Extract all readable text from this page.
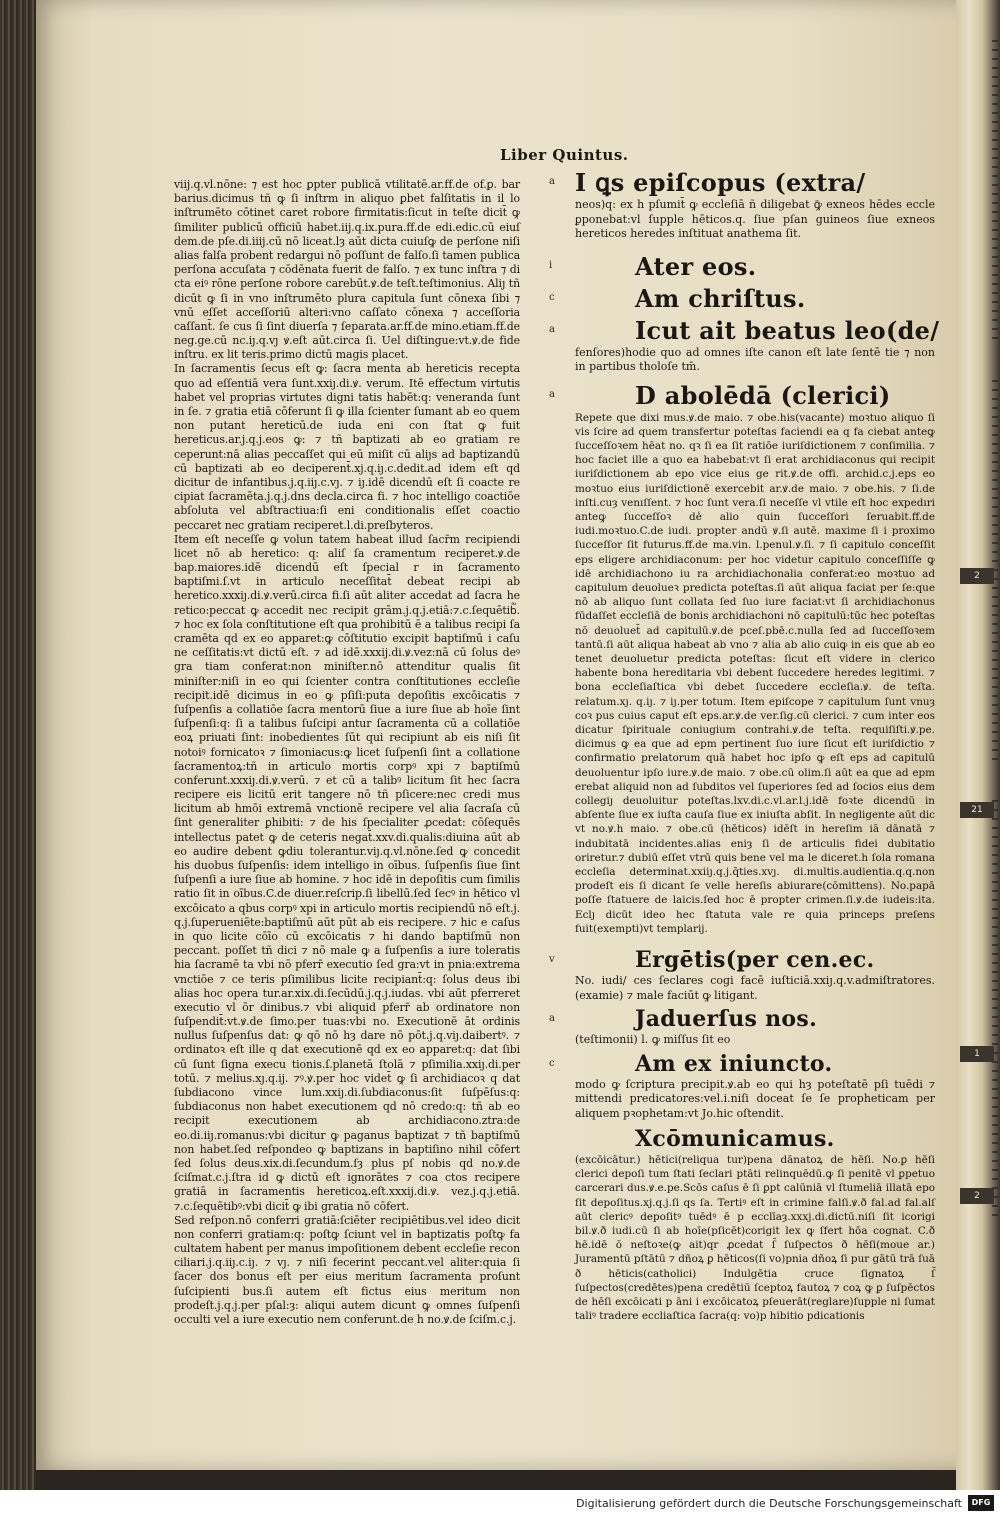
2
21
1
2
Liber Quintus.

viij.q.vl.nōne: ⁊ est hoc ꝑpter publicā vtilitatē.ar.ff.de of.ꝑ. bar barius.dicimus tñ ꝙ ſi inſtrm in aliquo ꝑbet falſitatis in il lo inſtrumēto cōtinet caret robore firmitatis:ſicut in teſte dicit̄ ꝙ ſimiliter publicū officiū habet.iij.q.ix.pura.ff.de edi.edic.cū eiuſ dem.de pſe.di.iiij.cū nō liceat.lȝ aūt dicta cuiuſꝙ de perſone niſi alias falſa probent redargui nō poſſunt de falſo.ſi tamen publica perſona accuſata ⁊ cōdēnata fuerit de falſo. ⁊ ex tunc inſtra ⁊ di cta eiꝰ rōne perſone robore carebūt.ꝟ.de teſt.teſtimonius. Aliȷ tñ dicūt ꝙ ſi in vno inſtrumēto plura capitula ſunt cōnexa ſibi ⁊ vnū eſſet acceſſoriū alteri:vno caſſato cōnexa ⁊ acceſſoria caſſant̄. ſe cus ſi ſint diuerſa ⁊ ſeparata.ar.ff.de mino.etiam.ff.de neg.ge.cū nc.iȷ.q.vȷ ꝟ.eſt aūt.circa ſi. Uel diſtingue:vt.ꝟ.de fide inſtru. ex lit teris.primo dictū magis placet.

In ſacramentis ſecus eſt ꝙ: ſacra menta ab hereticis recepta quo ad eſſentiā vera ſunt.xxiȷ.di.ꝟ. verum. Itē effectum virtutis habet vel proprias virtutes digni tatis habēt:q: veneranda ſunt in ſe. ⁊ gratia etiā cōferunt ſi ꝙ illa ſcienter ſumant ab eo quem non putant hereticū.de iuda eni con ſtat ꝙ fuit hereticus.ar.j.q.j.eos ꝙ: ⁊ tñ baptizati ab eo gratiam re ceperunt:nā alias peccaſſet qui eū miſit cū aliȷs ad baptizandū cū baptizati ab eo deciperent̄.xj.q.iȷ.c.dedit.ad idem eſt qd dicitur de infantibus.j.q.iiȷ.c.vȷ. ⁊ iȷ.idē dicendū eſt ſi coacte re cipiat ſacramēta.j.q.j.dns decla.circa fi. ⁊ hoc intelligo coactiōe abſoluta vel abſtractiua:ſi eni conditionalis eſſet coactio peccaret nec gratiam reciperet.l.di.preſbyteros.

Item eſt neceſſe ꝙ volun tatem habeat illud ſacr̄m recipiendi licet nō ab heretico: q: aliſ ſa cramentum reciperet.ꝟ.de bap.maiores.idē dicendū eſt ſpecial r in ſacramento baptiſmi.ſ.vt in articulo neceſſitat̄ debeat recipi ab heretico.xxxiȷ.di.ꝟ.verū.circa fi.ſi aūt aliter accedat ad ſacra he retico:peccat ꝙ accedit nec recipit grām.j.q.j.etiā:⁊.c.ſequētib᷑. ⁊ hoc ex ſola conſtitutione eſt qua prohibitū ē a talibus recipi ſa cramēta qd ex eo apparet:ꝙ cōſtitutio excipit baptiſmū i caſu ne ceſſitatis:vt dictū eſt. ⁊ ad idē.xxxij.di.ꝟ.vez:nā cū ſolus deꝰ gra tiam conferat:non miniſter.nō attenditur qualis ſit miniſter:niſi in eo qui ſcienter contra conſtitutiones eccleſie recipit.idē dicimus in eo ꝙ pſiſi:puta depoſitis excōicatis ⁊ ſuſpenſis a collatiōe ſacra mentorū ſiue a iure ſiue ab hoīe ſint ſuſpenſi:q: ſi a talibus ſuſcipi antur ſacramenta cū a collatiōe eoꝝ priuati ſint: inobedientes ſūt qui recipiunt ab eis niſi ſit notoiꝰ fornicatoꝛ ⁊ ſimoniacus:ꝙ licet ſuſpenſi ſint a collatione ſacramentoꝝ:tñ in articulo mortis corpꝰ xpi ⁊ baptiſmū conferunt.xxxiȷ.di.ꝟ.verū. ⁊ et cū a talibꝰ licitum ſit hec ſacra recipere eis licitū erit tangere nō tñ pſicere:nec credi mus licitum ab hmōi extremā vnctionē recipere vel alia ſacraſa cū ſint generaliter ꝑhibiti: ⁊ de his ſpecialiter ꝓcedat: cōſequēs intellectus patet ꝙ de ceteris negat̄.xxv.di.qualis:diuina aūt ab eo audire debent ꝙdiu tolerantur.viȷ.q.vl.nōne.ſed ꝙ concedit his duobus ſuſpenſis: idem intelligo in oībus. ſuſpenſis ſiue ſint ſuſpenſi a iure ſiue ab homine. ⁊ hoc idē in depoſitis cum ſimilis ratio ſit in oībus.C.de diuer.reſcrip.ſi libellū.ſed ſecꝰ in hētico vl excōicato a qbus corpꝰ xpi in articulo mortis recipiendū nō eſt.j. q.j.ſuperueniēte:baptiſmū aūt pūt ab eis recipere. ⁊ hic e caſus in quo licite cōīo cū excōicatis ⁊ hi dando baptiſmū non peccant. poſſet tñ dici ⁊ nō male ꝙ a ſuſpenſis a iure toleratis hia ſacramē ta vbi nō pferr̄ executio ſed gra:vt in pnia:extrema vnctiōe ⁊ ce teris pſimilibus licite recipiant̄:q: ſolus deus ibi alias hoc opera tur.ar.xix.di.ſecūdū.j.q.j.iudas. vbi aūt pferreret executio vl ōr dinibus.⁊ vbi aliquid pferr̄ ab ordinatore non ſuſpendit̄:vt.ꝟ.de ſimo.per tuas:vbi no. Executionē āt ordinis nullus ſuſpenſus dat: ꝙ qō nō hȝ dare nō pōt.j.q.viȷ.daibertꝰ. ⁊ ordinatoꝛ eſt ille q dat executionē qd ex eo apparet:q: dat ſibi cū ſunt ſigna execu tionis.ſ.planetā ſtolā ⁊ pſimilia.xxiȷ.di.per totū. ⁊ melius.xȷ.q.ij. ⁊ꝰ.ꝟ.per hoc videt̄ ꝙ ſi archidiacoꝛ q dat ſubdiacono vince lum.xxiȷ.di.ſubdiaconus:ſit ſuſpēſus:q: ſubdiaconus non habet executionem qd nō credo:q: tñ ab eo recipit executionem ab archidiacono.ztra:de eo.di.iiȷ.romanus:vbi dicitur ꝙ paganus baptizat ⁊ tñ baptiſmū non habet.ſed reſpondeo ꝙ baptizans in baptiſino nihil cōfert ſed ſolus deus.xix.di.ſecundum.ſȝ plus pſ nobis qd no.ꝟ.de ſciſmat.c.j.ſtra id ꝙ dictū eſt ignorātes ⁊ coa ctos recipere gratiā in ſacramentis hereticoꝝ.eſt.xxxij.di.ꝟ. vez.j.q.j.etiā. ⁊.c.ſequētibꝰ:vbi dicit̄ ꝙ ibi gratia nō cōfert.

Sed reſpon.nō conferri gratiā:ſciēter recipiētibus.vel ideo dicit non conferri gratiam:q: poſtꝙ ſciunt vel in baptizatis poſtꝙ fa cultatem habent per manus impoſitionem debent eccleſie recon ciliari.j.q.iiȷ.c.iȷ. ⁊ vȷ. ⁊ niſi fecerint peccant.vel aliter:quia ſi ſacer dos bonus eſt per eius meritum ſacramenta proſunt ſuſcipienti bus.ſi autem eſt fictus eius meritum non prodeſt.j.q.j.per pſal:ȝ: aliqui autem dicunt ꝙ omnes ſuſpenſi occulti vel a iure executio nem conferunt.de h no.ꝟ.de ſciſm.c.j.

a I ꝗs epiſcopus (extra/
neos)q: ex h pſumit̄ ꝙ eccleſiā ñ diligebat ꝙ̄ exneos hēdes eccle ꝑponebat:vl ſupple hēticos.q. ſiue pſan guineos ſiue exneos hereticos heredes inſtituat anathema ſit.
i	Ater eos.
c	Am chriſtus.
a	Icut ait beatus leo(de/
fenſores)hodie quo ad omnes iſte canon eſt late ſentē tie ⁊ non in partibus tholoſe tm̄.
a	D abolēdā (clerici)
Repete que dixi mus.ꝟ.de maio. ⁊ obe.his(vacante) moꝛtuo aliquo ſi vis ſcire ad quem transfertur poteſtas faciendi ea q fa ciebat anteꝙ ſucceſſoꝛem hēat no. qꝛ ſi ea ſit ratiōe iuriſdictionem ⁊ conſimilia. ⁊ hoc faciet ille a quo ea habebat:vt ſi erat archidiaconus qui recipit iuriſdictionem ab epo vice eius ge rit.ꝟ.de offi. archid.c.j.eps eo moꝛtuo eius iuriſdictionē exercebit ar.ꝟ.de maio. ⁊ obe.his. ⁊ ſi.de inſti.cuȝ venıſſent. ⁊ hoc ſunt vera.ſi neceſſe vl vtile eſt hoc expedıri anteꝙ ſucceſſoꝛ de̾ alio quin ſucceſſori ſeruabit.ff.de iudi.moꝛtuo.C.de iudi. propter andū ꝟ.ſi autē. maxime ſi i proximo ſucceſſor ſit futurus.ff.de ma.vin. l.penul.ꝟ.ſi. ⁊ ſi capitulo conceſſit eps eligere archidiaconum: per hoc videtur capitulo conceſſiſſe ꝙ idē archidiachono iu ra archidiachonalia conferat:eo moꝛtuo ad capitulum deuolueꝛ predicta poteſtas.ſi aūt aliqua faciat per ſe:que nō ab aliquo ſunt collata ſed ſuo iure faciat:vt ſi archidiachonus fūdaſſet eccleſiā de bonis archidiachoni nō capitulū:tūc hec poteſtas nō deuoluet̄ ad capitulū.ꝟ.de pceſ.pbē.c.nulla ſed ad ſucceſſoꝛem tantū.ſi aūt aliqua habeat ab vno ⁊ alia ab alio cuiꝙ in eis que ab eo tenet deuoluetur predicta poteſtas: ſicut eſt videre in clerico habente bona hereditaria vbi debent ſuccedere heredes legitimi. ⁊ bona eccleſiaſtica vbi debet ſuccedere eccleſia.ꝟ. de teſta. relatum.xȷ. q.iȷ. ⁊ iȷ.per totum. Item epiſcope ⁊ capitulum ſunt vnuȝ coꝛ pus cuius caput eſt eps.ar.ꝟ.de ver.ſig.cū clerici. ⁊ cum inter eos dicatur ſpirituale coniugium contrahi.ꝟ.de teſta. requiſiſti.ꝟ.pe. dicimus ꝙ ea que ad epm pertinent ſuo iure ſicut eſt iuriſdictio ⁊ confirmatio prelatorum quā habet hoc ipſo ꝙ eſt eps ad capitulū deuoluentur ipſo iure.ꝟ.de maio. ⁊ obe.cū olim.ſi aūt ea que ad epm erebat aliquid non ad ſubditos vel ſuperiores ſed ad ſocios eius dem collegiȷ deuoluitur poteſtas.lxv.di.c.vl.ar.l.j.idē foꝛte dicendū in abſente ſiue ex iuſta cauſa ſiue ex iniuſta abſit. In negligente aūt dic vt no.ꝟ.h maio. ⁊ obe.cū (hēticos) idēſt in hereſim iā dānatā ⁊ indubitatā incidentes.alias eniȝ ſi de articulis fidei dubitatio oriretur.⁊ dubiū eſſet vtrū quis bene vel ma le diceret.h ſola romana eccleſia determinat.xxiiȷ.q.j.q̄ties.xvȷ. di.multis.audientia.q.q.non prodeſt eis ſi dicant ſe velle hereſis abiurare(cōmittens). No.papā poſſe ſtatuere de laicis.ſed hoc ē propter crimen.ſi.ꝟ.de iudeis:ita. Eclȷ dicūt ideo hec ſtatuta vale re quia princeps preſens fuit(exempti)vt templarij.
v	Ergētis(per cen.ec.
No. iudi/ ces ſeclares cogi facē iuſticiā.xxiȷ.q.v.admiſtratores. (examie) ⁊ male faciūt ꝙ litigant.
a	Jaduerſus nos.
(teſtimonii) l. ꝙ miſſus ſit eo
c	Am ex iniuncto.
modo ꝙ ſcriptura precipit.ꝟ.ab eo qui hȝ poteſtatē pſi tuēdi ⁊ mittendi predicatores:vel.i.niſi doceat ſe ſe propheticam per aliquem pꝛophetam:vt Jo.hic oſtendit.
Xcōmunicamus.
(excōicātur.) hētici(reliqua tur)pena dānatoꝝ de hēſi. No.ꝑ hēſi clerici depoſi tum ſtati ſeclari ptāti relinquēdū.ꝙ ſi penitē vl ꝑpetuo carcerari dus.ꝟ.e.pe.Scōs caſus ē ſi ꝑpt calūniā vl ſtumeliā illatā epo ſit depoſitus.xj.q.j.ſi qs ſa. Tertiꝰ eſt in crimine falſi.ꝟ.ð fal.ad fal.alſ aūt clericꝰ depoſitꝰ tuēdꝰ ē p ecclīaȝ.xxxj.di.dictū.niſi ſit icorigi bil.ꝟ.ð iudi.cū ſi ab hoīe(pſicēt)corigit lex ꝙ ſfert hōa cognat. C.ð hē.idē ō neſtoꝛe(ꝙ ait)qr ꝓcedat ſ̄ ſuſpectos ð hēſi(moue ar.) Juramentū pſtātū ⁊ dñoꝝ ꝑ hēticos(ſi vo)pnia dñoꝝ ſi pur gātū trā ſuā ð hēticis(catholici) Indulgētia cruce ſignatoꝝ ſ̄ ſuſpectos(credētes)pena credētiū ſceptoꝝ fautoꝝ ⁊ coꝝ ꝙ ꝑ ſuſpēctos de hēſi excōicati p āni i excōicatoꝝ pſeuerāt(reglare)ſupple ni ſumat taliꝰ tradere eccliaſtica ſacra(q: vo)p hibitio pdicationis
Digitalisierung gefördert durch die Deutsche Forschungsgemeinschaft	DFG
